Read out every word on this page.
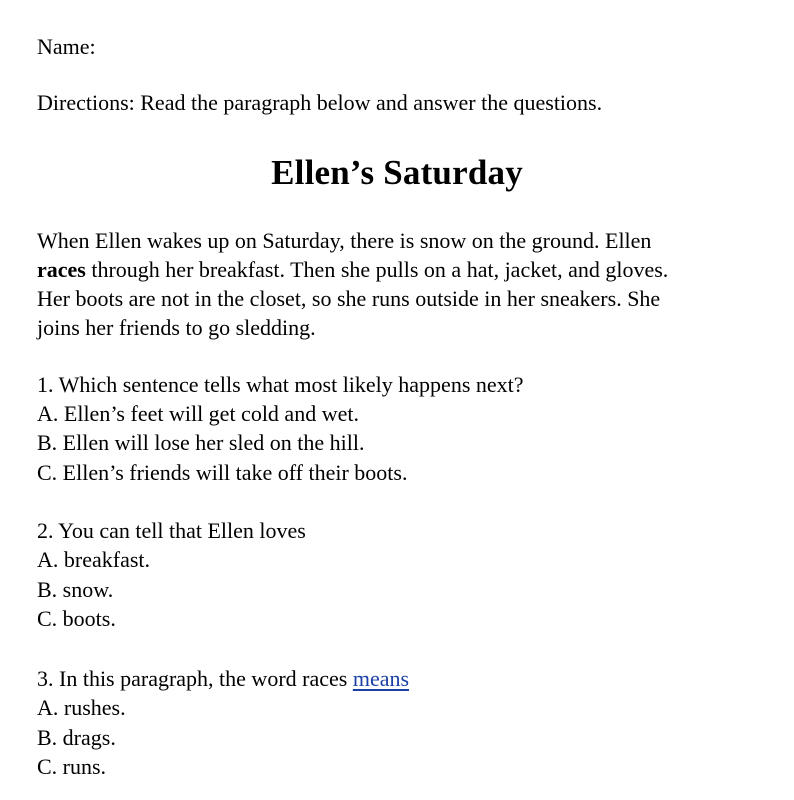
Name:
Directions: Read the paragraph below and answer the questions.
Ellen’s Saturday
When Ellen wakes up on Saturday, there is snow on the ground. Ellen
races through her breakfast. Then she pulls on a hat, jacket, and gloves.
Her boots are not in the closet, so she runs outside in her sneakers. She
joins her friends to go sledding.
1. Which sentence tells what most likely happens next?
A. Ellen’s feet will get cold and wet.
B. Ellen will lose her sled on the hill.
C. Ellen’s friends will take off their boots.
2. You can tell that Ellen loves
A. breakfast.
B. snow.
C. boots.
3. In this paragraph, the word races means
A. rushes.
B. drags.
C. runs.
